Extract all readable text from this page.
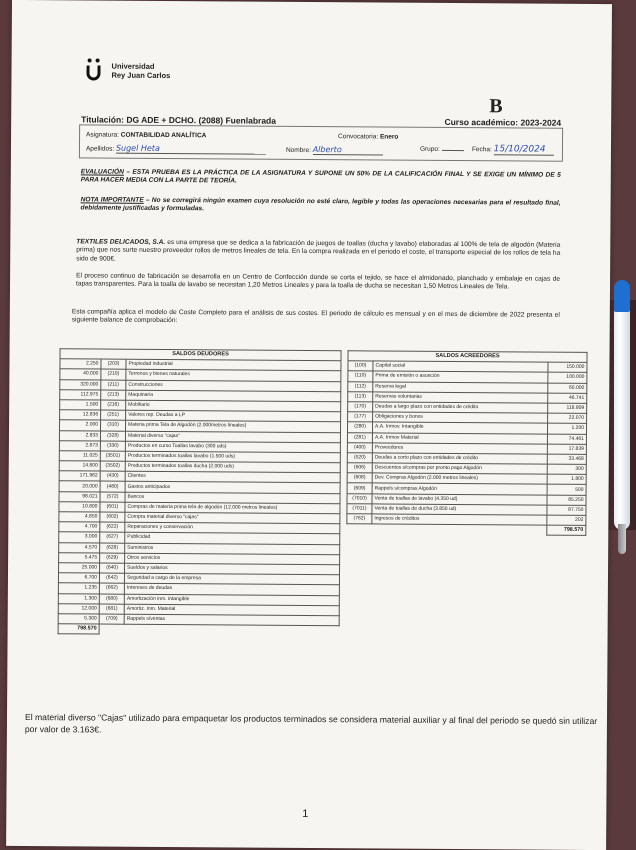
Universidad
Rey Juan Carlos
B
Titulación: DG ADE + DCHO. (2088) Fuenlabrada	Curso académico: 2023-2024
Asignatura: CONTABILIDAD ANALÍTICA	Convocatoria: Enero
Apellidos: Sugel Heta	Nombre: Alberto	Grupo:	Fecha: 15/10/2024
EVALUACIÓN – ESTA PRUEBA ES LA PRÁCTICA DE LA ASIGNATURA Y SUPONE UN 50% DE LA CALIFICACIÓN FINAL Y SE EXIGE UN MÍNIMO DE 5 PARA HACER MEDIA CON LA PARTE DE TEORÍA.
NOTA IMPORTANTE – No se corregirá ningún examen cuya resolución no esté claro, legible y todas las operaciones necesarias para el resultado final, debidamente justificadas y formuladas.
TEXTILES DELICADOS, S.A. es una empresa que se dedica a la fabricación de juegos de toallas (ducha y lavabo) elaboradas al 100% de tela de algodón (Materia prima) que nos surte nuestro proveedor rollos de metros lineales de tela. En la compra realizada en el periodo el coste, el transporte especial de los rollos de tela ha sido de 900€.
El proceso continuo de fabricación se desarrolla en un Centro de Confección donde se corta el tejido, se hace el almidonado, planchado y embalaje en cajas de tapas transparentes. Para la toalla de lavabo se necesitan 1,20 Metros Lineales y para la toalla de ducha se necesitan 1,50 Metros Lineales de Tela.
Esta compañía aplica el modelo de Coste Completo para el análisis de sus costes. El periodo de cálculo es mensual y en el mes de diciembre de 2022 presenta el siguiente balance de comprobación:
SALDOS DEUDORES		
2.250	(203)	Propiedad industrial
40.000	(210)	Terrenos y bienes naturales
320.000	(211)	Construcciones
112.975	(213)	Maquinaria
1.500	(216)	Mobiliario
12.836	(251)	Valores rep. Deudas a LP
2.000	(310)	Materia prima Tela de Algodón (2.000metros lineales)
2.833	(328)	Material diverso "cajas"
2.873	(330)	Productos en curso Toallas lavabo (300 uds)
11.025	(3501)	Productos terminados toallas lavabo (1.500 uds)
14.800	(3502)	Productos terminados toallas ducha (2.000 uds)
171.962	(430)	Clientes
20.000	(480)	Gastos anticipados
98.021	(572)	Bancos
10.800	(601)	Compras de materia prima tela de algodón (12.000 metros lineales)
4.850	(602)	Compra material diverso "cajas"
4.700	(622)	Reparaciones y conservación
3.000	(627)	Publicidad
4.570	(628)	Suministros
5.475	(629)	Otros servicios
25.000	(640)	Sueldos y salarios
6.700	(642)	Seguridad a cargo de la empresa
1.235	(662)	Intereses de deudas
1.300	(680)	Amortización inm. intangible
12.000	(681)	Amortiz. Inm. Material
5.300	(709)	Rappels s/ventas
798.570		
SALDOS ACREEDORES		
(100)	Capital social	150.000
(110)	Prima de emisión o asunción	100.000
(112)	Reserva legal	60.000
(113)	Reservas voluntarias	46.741
(170)	Deudas a largo plazo con entidades de crédito	118.809
(177)	Obligaciones y bonos	22.070
(280)	A.A. Inmov. Intangible	1.200
(281)	A.A. Inmov Material	74.461
(400)	Proveedores	17.839
(520)	Deudas a corto plazo con entidades de crédito	33.468
(606)	Descuentos s/compras por pronto pago Algodón	300
(608)	Dev. Compras Algodón (2.000 metros lineales)	1.800
(609)	Rappels s/compras Algodón	500
(7010)	Venta de toallas de lavabo (4.350 ud)	85.250
(7011)	Venta de toallas de ducha (3.850 ud)	87.750
(762)	Ingresos de créditos	202
		798.570
El material diverso "Cajas" utilizado para empaquetar los productos terminados se considera material auxiliar y al final del periodo se quedó sin utilizar por valor de 3.163€.
1
